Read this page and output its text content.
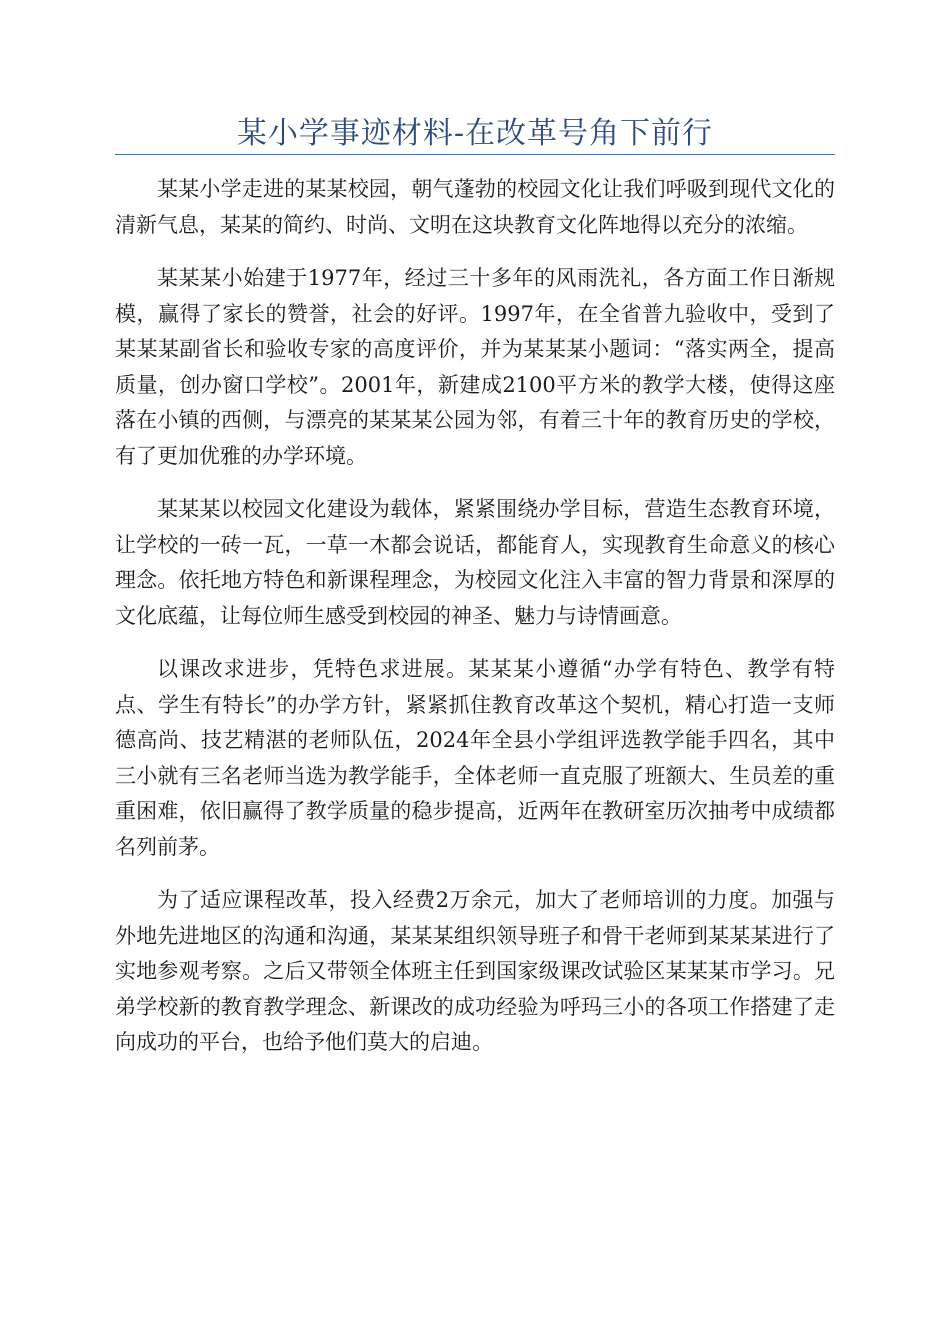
某小学事迹材料-在改革号角下前行

某某小学走进的某某校园，朝气蓬勃的校园文化让我们呼吸到现代文化的清新气息，某某的简约、时尚、文明在这块教育文化阵地得以充分的浓缩。

某某某小始建于1977年，经过三十多年的风雨洗礼，各方面工作日渐规模，赢得了家长的赞誉，社会的好评。1997年，在全省普九验收中，受到了某某某副省长和验收专家的高度评价，并为某某某小题词：“落实两全，提高质量，创办窗口学校”。2001年，新建成2100平方米的教学大楼，使得这座落在小镇的西侧，与漂亮的某某某公园为邻，有着三十年的教育历史的学校，有了更加优雅的办学环境。

某某某以校园文化建设为载体，紧紧围绕办学目标，营造生态教育环境，让学校的一砖一瓦，一草一木都会说话，都能育人，实现教育生命意义的核心理念。依托地方特色和新课程理念，为校园文化注入丰富的智力背景和深厚的文化底蕴，让每位师生感受到校园的神圣、魅力与诗情画意。

以课改求进步，凭特色求进展。某某某小遵循“办学有特色、教学有特点、学生有特长”的办学方针，紧紧抓住教育改革这个契机，精心打造一支师德高尚、技艺精湛的老师队伍，2024年全县小学组评选教学能手四名，其中三小就有三名老师当选为教学能手，全体老师一直克服了班额大、生员差的重重困难，依旧赢得了教学质量的稳步提高，近两年在教研室历次抽考中成绩都名列前茅。

为了适应课程改革，投入经费2万余元，加大了老师培训的力度。加强与外地先进地区的沟通和沟通，某某某组织领导班子和骨干老师到某某某进行了实地参观考察。之后又带领全体班主任到国家级课改试验区某某某市学习。兄弟学校新的教育教学理念、新课改的成功经验为呼玛三小的各项工作搭建了走向成功的平台，也给予他们莫大的启迪。
